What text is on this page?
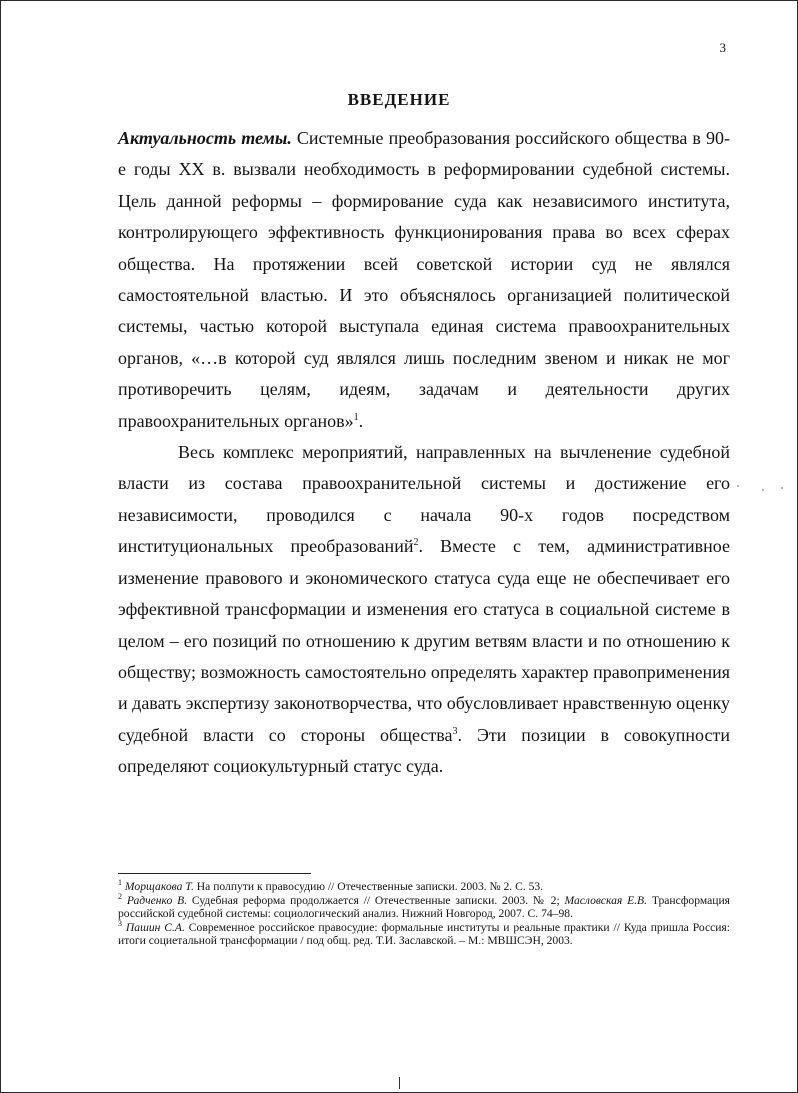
3
ВВЕДЕНИЕ

Актуальность темы. Системные преобразования российского общества в 90-е годы XX в. вызвали необходимость в реформировании судебной системы. Цель данной реформы – формирование суда как независимого института, контролирующего эффективность функционирования права во всех сферах общества. На протяжении всей советской истории суд не являлся самостоятельной властью. И это объяснялось организацией политической системы, частью которой выступала единая система правоохранительных органов, «…в которой суд являлся лишь последним звеном и никак не мог противоречить целям, идеям, задачам и деятельности других правоохранительных органов»$^1$.

Весь комплекс мероприятий, направленных на вычленение судебной власти из состава правоохранительной системы и достижение его независимости, проводился с начала 90-х годов посредством институциональных преобразований$^2$. Вместе с тем, административное изменение правового и экономического статуса суда еще не обеспечивает его эффективной трансформации и изменения его статуса в социальной системе в целом – его позиций по отношению к другим ветвям власти и по отношению к обществу; возможность самостоятельно определять характер правоприменения и давать экспертизу законотворчества, что обусловливает нравственную оценку судебной власти со стороны общества$^3$. Эти позиции в совокупности определяют социокультурный статус суда.

$^1$ Морщакова Т. На полпути к правосудию // Отечественные записки. 2003. № 2. С. 53.

$^2$ Радченко В. Судебная реформа продолжается // Отечественные записки. 2003. № 2; Масловская Е.В. Трансформация российской судебной системы: социологический анализ. Нижний Новгород, 2007. С. 74–98.

$^3$ Пашин С.А. Современное российское правосудие: формальные институты и реальные практики // Куда пришла Россия: итоги социетальной трансформации / под общ. ред. Т.И. Заславской. – М.: МВШСЭН, 2003.
